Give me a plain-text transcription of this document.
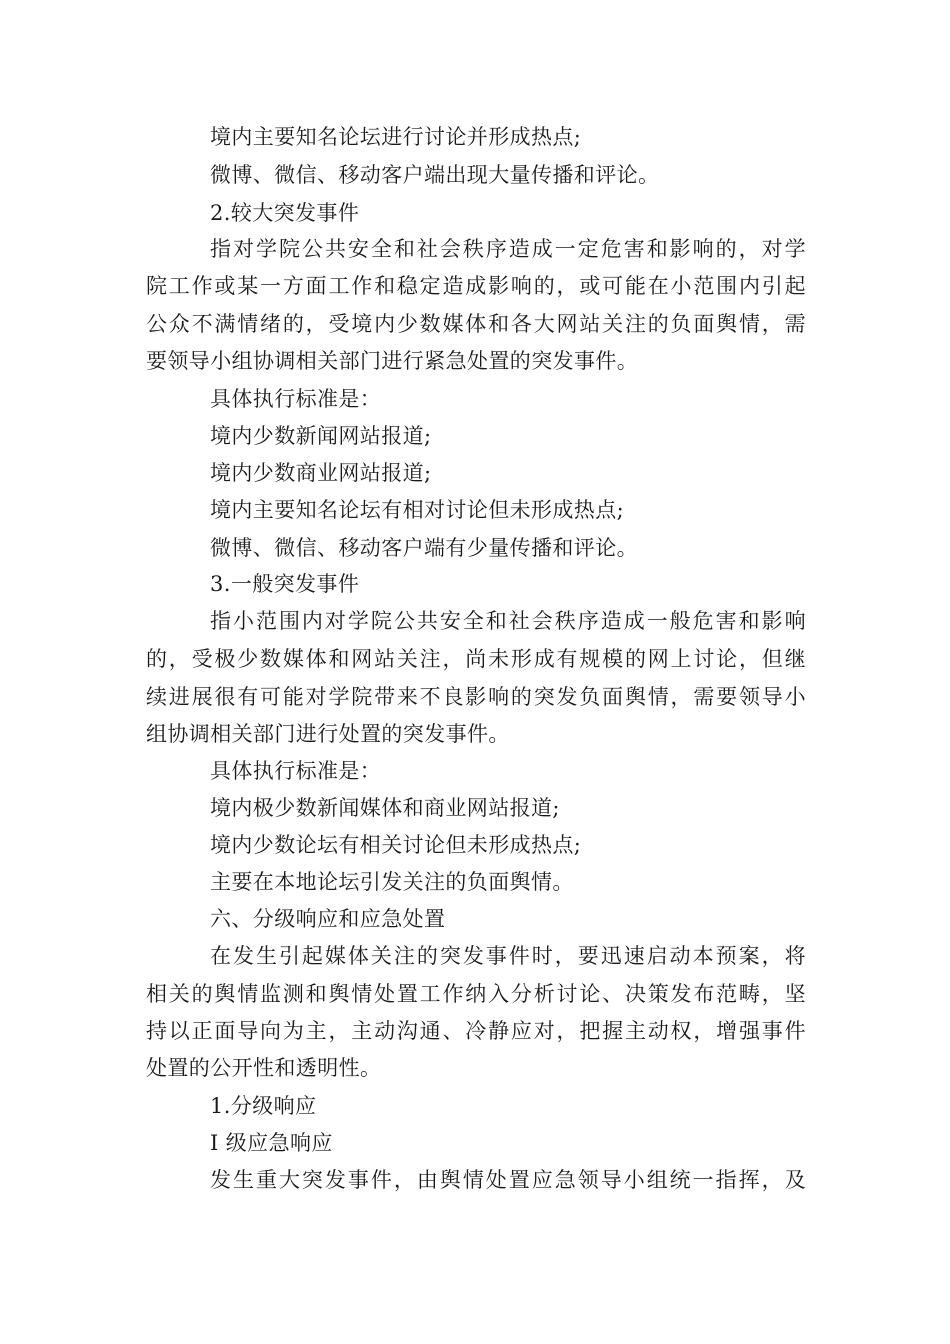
境内主要知名论坛进行讨论并形成热点;
微博、微信、移动客户端出现大量传播和评论。
2.较大突发事件
指对学院公共安全和社会秩序造成一定危害和影响的，对学
院工作或某一方面工作和稳定造成影响的，或可能在小范围内引起
公众不满情绪的，受境内少数媒体和各大网站关注的负面舆情，需
要领导小组协调相关部门进行紧急处置的突发事件。
具体执行标准是：
境内少数新闻网站报道;
境内少数商业网站报道;
境内主要知名论坛有相对讨论但未形成热点;
微博、微信、移动客户端有少量传播和评论。
3.一般突发事件
指小范围内对学院公共安全和社会秩序造成一般危害和影响
的，受极少数媒体和网站关注，尚未形成有规模的网上讨论，但继
续进展很有可能对学院带来不良影响的突发负面舆情，需要领导小
组协调相关部门进行处置的突发事件。
具体执行标准是：
境内极少数新闻媒体和商业网站报道;
境内少数论坛有相关讨论但未形成热点;
主要在本地论坛引发关注的负面舆情。
六、分级响应和应急处置
在发生引起媒体关注的突发事件时，要迅速启动本预案，将
相关的舆情监测和舆情处置工作纳入分析讨论、决策发布范畴，坚
持以正面导向为主，主动沟通、冷静应对，把握主动权，增强事件
处置的公开性和透明性。
1.分级响应
I 级应急响应
发生重大突发事件，由舆情处置应急领导小组统一指挥，及
